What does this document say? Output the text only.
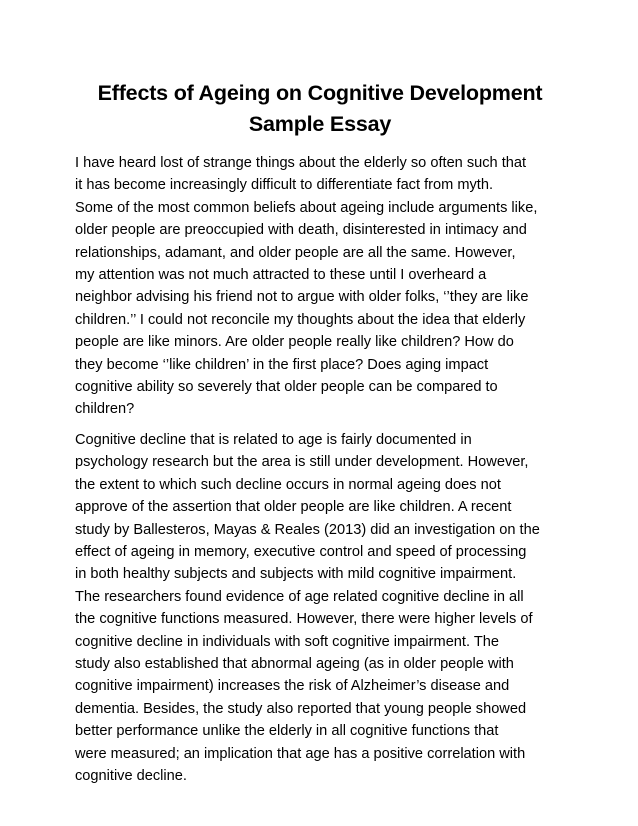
Effects of Ageing on Cognitive Development
Sample Essay

I have heard lost of strange things about the elderly so often such that
it has become increasingly difficult to differentiate fact from myth.
Some of the most common beliefs about ageing include arguments like,
older people are preoccupied with death, disinterested in intimacy and
relationships, adamant, and older people are all the same. However,
my attention was not much attracted to these until I overheard a
neighbor advising his friend not to argue with older folks, ‘’they are like
children.’’ I could not reconcile my thoughts about the idea that elderly
people are like minors. Are older people really like children? How do
they become ‘’like children’ in the first place? Does aging impact
cognitive ability so severely that older people can be compared to
children?

Cognitive decline that is related to age is fairly documented in
psychology research but the area is still under development. However,
the extent to which such decline occurs in normal ageing does not
approve of the assertion that older people are like children. A recent
study by Ballesteros, Mayas & Reales (2013) did an investigation on the
effect of ageing in memory, executive control and speed of processing
in both healthy subjects and subjects with mild cognitive impairment.
The researchers found evidence of age related cognitive decline in all
the cognitive functions measured. However, there were higher levels of
cognitive decline in individuals with soft cognitive impairment. The
study also established that abnormal ageing (as in older people with
cognitive impairment) increases the risk of Alzheimer’s disease and
dementia. Besides, the study also reported that young people showed
better performance unlike the elderly in all cognitive functions that
were measured; an implication that age has a positive correlation with
cognitive decline.
